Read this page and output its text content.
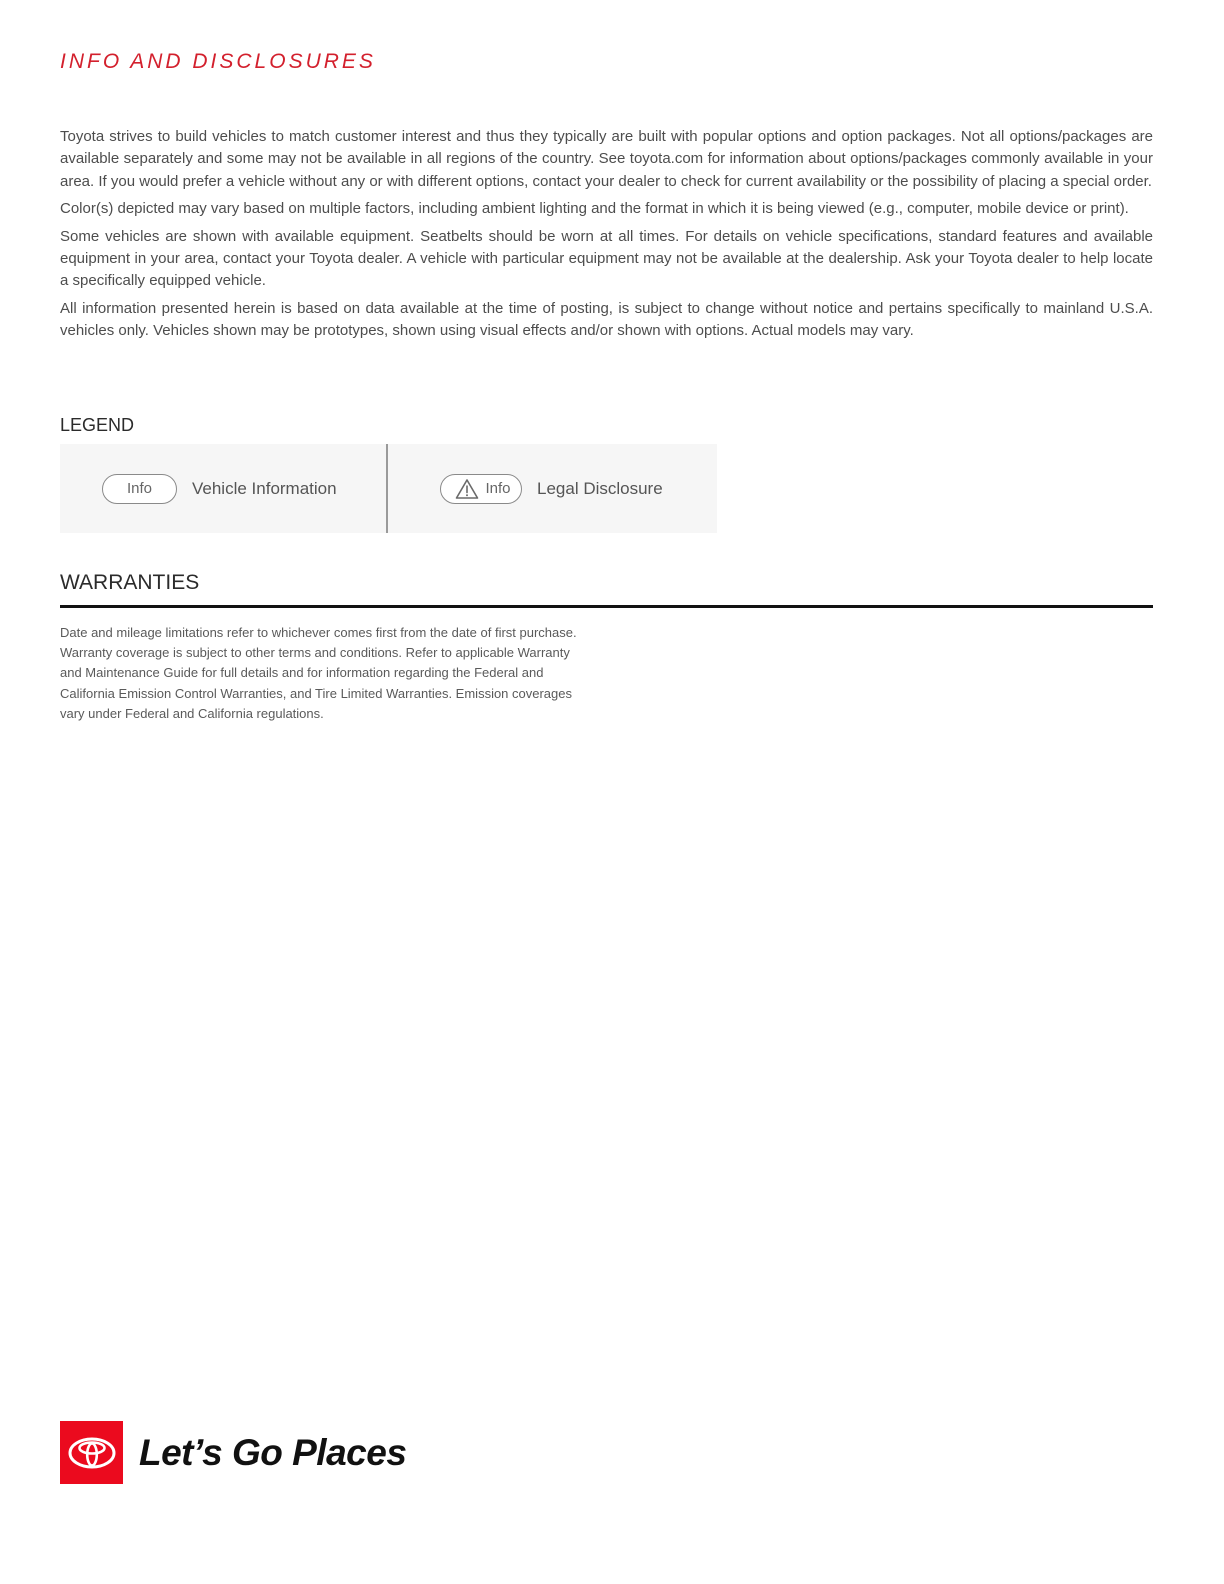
INFO AND DISCLOSURES

Toyota strives to build vehicles to match customer interest and thus they typically are built with popular options and option packages. Not all options/packages are available separately and some may not be available in all regions of the country. See toyota.com for information about options/packages commonly available in your area. If you would prefer a vehicle without any or with different options, contact your dealer to check for current availability or the possibility of placing a special order.

Color(s) depicted may vary based on multiple factors, including ambient lighting and the format in which it is being viewed (e.g., computer, mobile device or print).

Some vehicles are shown with available equipment. Seatbelts should be worn at all times. For details on vehicle specifications, standard features and available equipment in your area, contact your Toyota dealer. A vehicle with particular equipment may not be available at the dealership. Ask your Toyota dealer to help locate a specifically equipped vehicle.

All information presented herein is based on data available at the time of posting, is subject to change without notice and pertains specifically to mainland U.S.A. vehicles only. Vehicles shown may be prototypes, shown using visual effects and/or shown with options. Actual models may vary.

LEGEND
Info Vehicle Information	Info Legal Disclosure
WARRANTIES

Date and mileage limitations refer to whichever comes first from the date of first purchase. Warranty coverage is subject to other terms and conditions. Refer to applicable Warranty and Maintenance Guide for full details and for information regarding the Federal and California Emission Control Warranties, and Tire Limited Warranties. Emission coverages vary under Federal and California regulations.

Let’s Go Places
